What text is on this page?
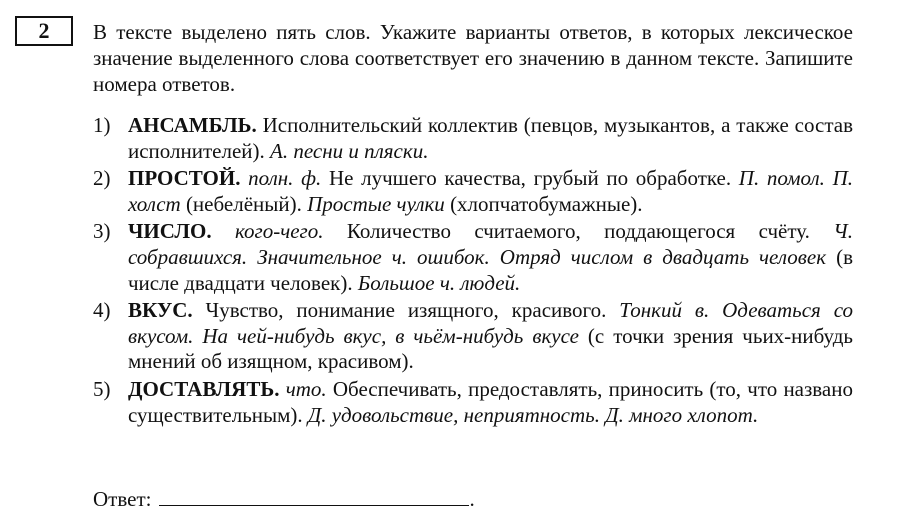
2	В тексте выделено пять слов. Укажите варианты ответов, в которых лексическое значение выделенного слова соответствует его значению в данном тексте. Запишите номера ответов.

1) АНСАМБЛЬ. Исполнительский коллектив (певцов, музыкантов, а также состав исполнителей). А. песни и пляски.
2) ПРОСТОЙ. полн. ф. Не лучшего качества, грубый по обработке. П. помол. П. холст (небелёный). Простые чулки (хлопчатобумажные).
3) ЧИСЛО. кого-чего. Количество считаемого, поддающегося счёту. Ч. собравшихся. Значительное ч. ошибок. Отряд числом в двадцать человек (в числе двадцати человек). Большое ч. людей.
4) ВКУС. Чувство, понимание изящного, красивого. Тонкий в. Одеваться со вкусом. На чей-нибудь вкус, в чьём-нибудь вкусе (с точки зрения чьих-нибудь мнений об изящном, красивом).
5) ДОСТАВЛЯТЬ. что. Обеспечивать, предоставлять, приносить (то, что названо существительным). Д. удовольствие, неприятность. Д. много хлопот.
Ответ:	.
